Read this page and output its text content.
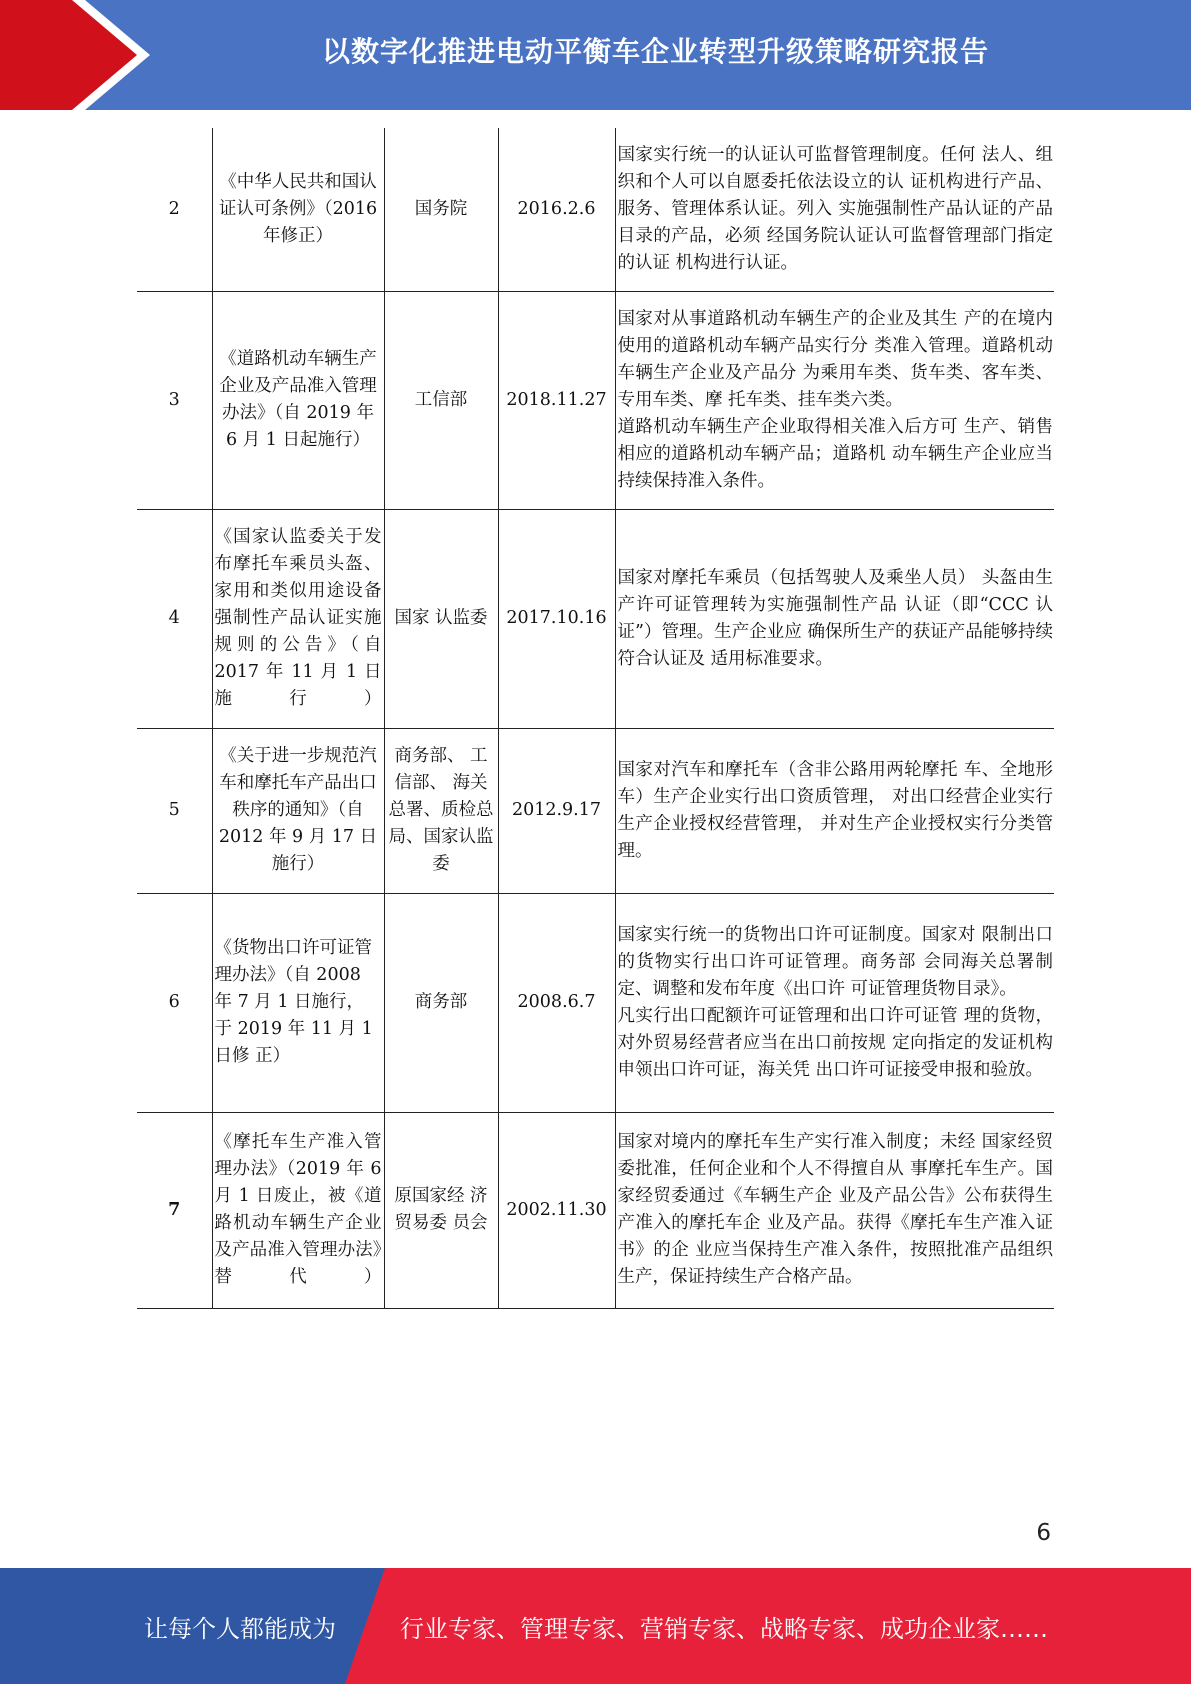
以数字化推进电动平衡车企业转型升级策略研究报告
2	《中华人民共和国认证认可条例》（2016 年修正）	国务院	2016.2.6	国家实行统一的认证认可监督管理制度。任何 法人、组织和个人可以自愿委托依法设立的认 证机构进行产品、服务、管理体系认证。列入 实施强制性产品认证的产品目录的产品，必须 经国务院认证认可监督管理部门指定的认证 机构进行认证。

3	《道路机动车辆生产企业及产品准入管理办法》（自 2019 年 6 月 1 日起施行）	工信部	2018.11.27	国家对从事道路机动车辆生产的企业及其生 产的在境内使用的道路机动车辆产品实行分 类准入管理。道路机动车辆生产企业及产品分 为乘用车类、货车类、客车类、专用车类、摩 托车类、挂车类六类。

道路机动车辆生产企业取得相关准入后方可 生产、销售相应的道路机动车辆产品；道路机 动车辆生产企业应当持续保持准入条件。

4	《国家认监委关于发布摩托车乘员头盔、家用和类似用途设备强制性产品认证实施规则的公告》（自 2017 年 11 月 1 日施行）	国家 认监委	2017.10.16	国家对摩托车乘员（包括驾驶人及乘坐人员） 头盔由生产许可证管理转为实施强制性产品 认证（即“CCC 认证”）管理。生产企业应 确保所生产的获证产品能够持续符合认证及 适用标准要求。

5	《关于进一步规范汽车和摩托车产品出口秩序的通知》（自 2012 年 9 月 17 日施行）	商务部、 工信部、 海关总署、质检总局、国家认监委	2012.9.17	国家对汽车和摩托车（含非公路用两轮摩托 车、全地形车）生产企业实行出口资质管理， 对出口经营企业实行生产企业授权经营管理， 并对生产企业授权实行分类管理。

6	《货物出口许可证管理办法》（自 2008 年 7 月 1 日施行，于 2019 年 11 月 1 日修 正）	商务部	2008.6.7	国家实行统一的货物出口许可证制度。国家对 限制出口的货物实行出口许可证管理。商务部 会同海关总署制定、调整和发布年度《出口许 可证管理货物目录》。

凡实行出口配额许可证管理和出口许可证管 理的货物，对外贸易经营者应当在出口前按规 定向指定的发证机构申领出口许可证，海关凭 出口许可证接受申报和验放。

7	《摩托车生产准入管理办法》（2019 年 6 月 1 日废止，被《道路机动车辆生产企业及产品准入管理办法》替代）	原国家经 济贸易委 员会	2002.11.30	国家对境内的摩托车生产实行准入制度；未经 国家经贸委批准，任何企业和个人不得擅自从 事摩托车生产。国家经贸委通过《车辆生产企 业及产品公告》公布获得生产准入的摩托车企 业及产品。获得《摩托车生产准入证书》的企 业应当保持生产准入条件，按照批准产品组织 生产，保证持续生产合格产品。

6
让每个人都能成为	行业专家、管理专家、营销专家、战略专家、成功企业家……
